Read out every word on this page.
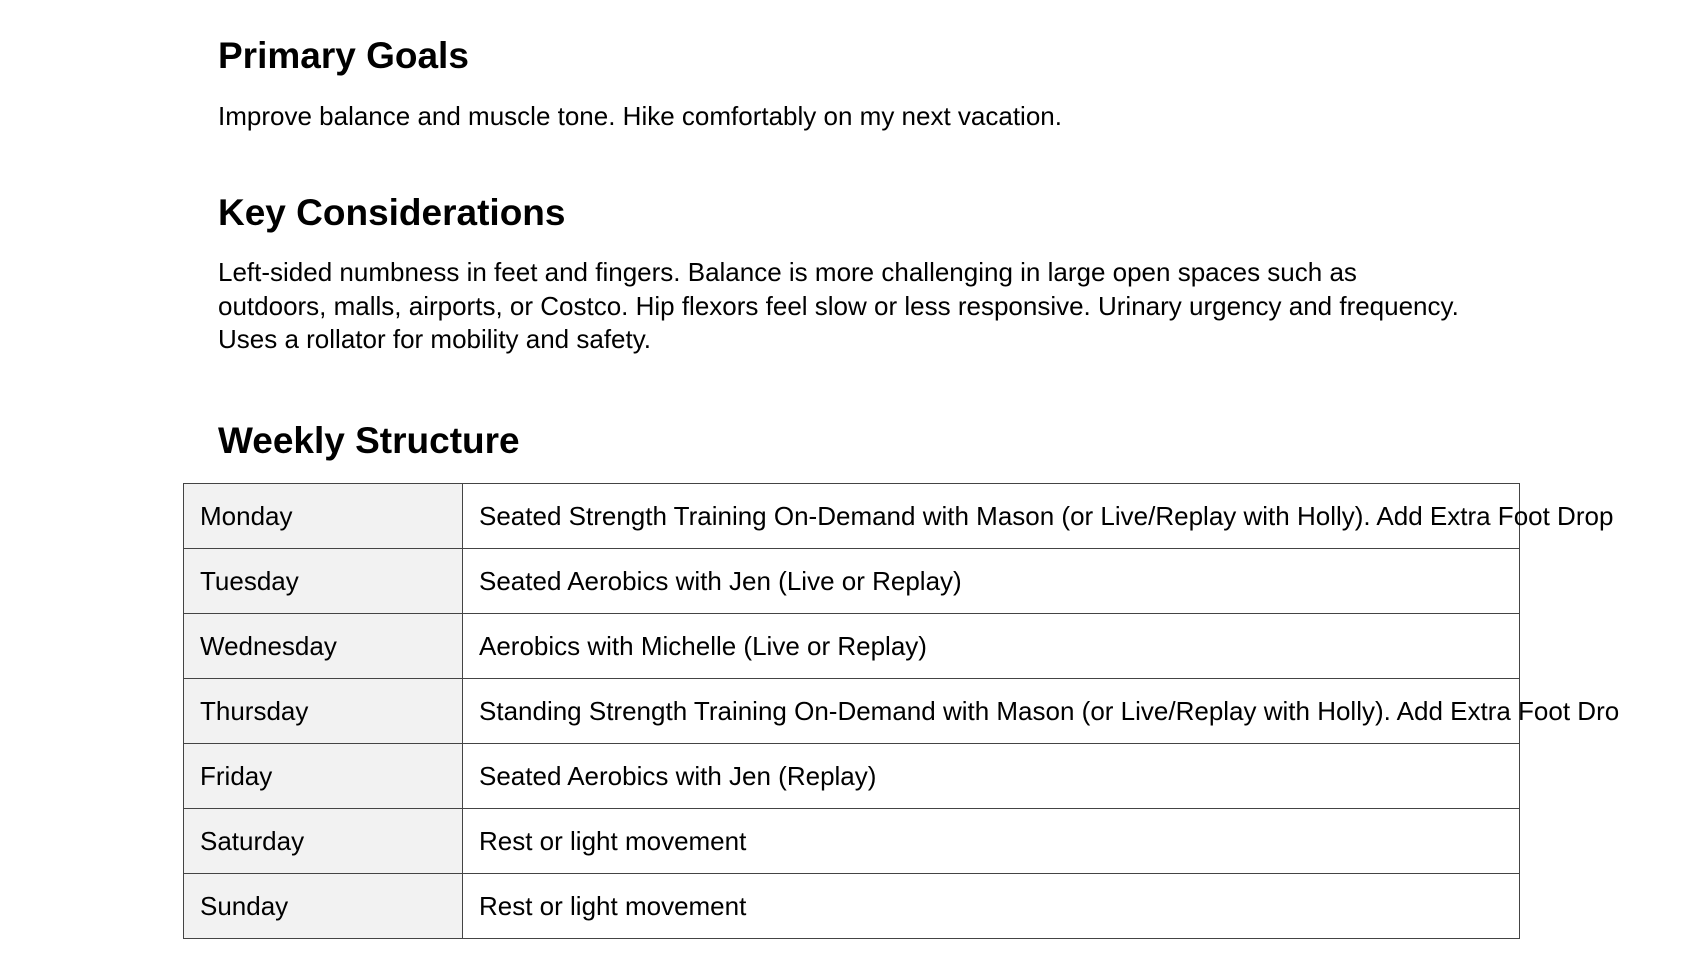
Primary Goals

Improve balance and muscle tone. Hike comfortably on my next vacation.

Key Considerations

Left-sided numbness in feet and fingers. Balance is more challenging in large open spaces such as outdoors, malls, airports, or Costco. Hip flexors feel slow or less responsive. Urinary urgency and frequency. Uses a rollator for mobility and safety.

Weekly Structure
Monday	Seated Strength Training On-Demand with Mason (or Live/Replay with Holly). Add Extra Foot Drop
Tuesday	Seated Aerobics with Jen (Live or Replay)
Wednesday	Aerobics with Michelle (Live or Replay)
Thursday	Standing Strength Training On-Demand with Mason (or Live/Replay with Holly). Add Extra Foot Dro
Friday	Seated Aerobics with Jen (Replay)
Saturday	Rest or light movement
Sunday	Rest or light movement
